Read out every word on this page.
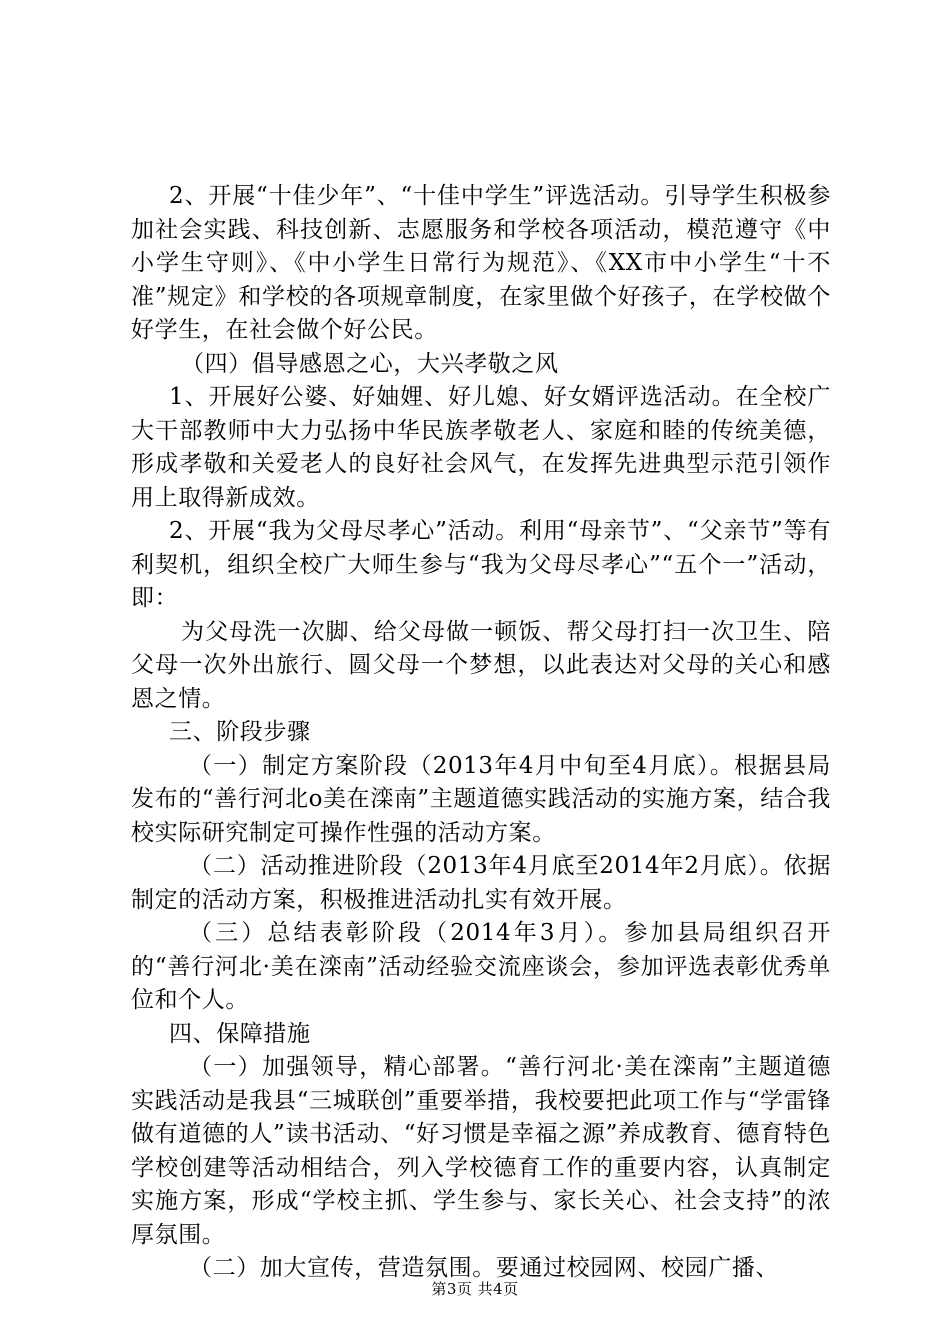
2、开展“十佳少年”、“十佳中学生”评选活动。引导学生积极参加社会实践、科技创新、志愿服务和学校各项活动，模范遵守《中小学生守则》、《中小学生日常行为规范》、《XX市中小学生“十不准”规定》和学校的各项规章制度，在家里做个好孩子，在学校做个好学生，在社会做个好公民。

（四）倡导感恩之心，大兴孝敬之风

1、开展好公婆、好妯娌、好儿媳、好女婿评选活动。在全校广大干部教师中大力弘扬中华民族孝敬老人、家庭和睦的传统美德，形成孝敬和关爱老人的良好社会风气，在发挥先进典型示范引领作用上取得新成效。

2、开展“我为父母尽孝心”活动。利用“母亲节”、“父亲节”等有利契机，组织全校广大师生参与“我为父母尽孝心”“五个一”活动，即：

为父母洗一次脚、给父母做一顿饭、帮父母打扫一次卫生、陪父母一次外出旅行、圆父母一个梦想，以此表达对父母的关心和感恩之情。

三、阶段步骤

（一）制定方案阶段（2013年4月中旬至4月底）。根据县局发布的“善行河北o美在滦南”主题道德实践活动的实施方案，结合我校实际研究制定可操作性强的活动方案。

（二）活动推进阶段（2013年4月底至2014年2月底）。依据制定的活动方案，积极推进活动扎实有效开展。

（三）总结表彰阶段（2014年3月）。参加县局组织召开的“善行河北·美在滦南”活动经验交流座谈会，参加评选表彰优秀单位和个人。

四、保障措施

（一）加强领导，精心部署。“善行河北·美在滦南”主题道德实践活动是我县“三城联创”重要举措，我校要把此项工作与“学雷锋做有道德的人”读书活动、“好习惯是幸福之源”养成教育、德育特色学校创建等活动相结合，列入学校德育工作的重要内容，认真制定实施方案，形成“学校主抓、学生参与、家长关心、社会支持”的浓厚氛围。

（二）加大宣传，营造氛围。要通过校园网、校园广播、

第3页 共4页
